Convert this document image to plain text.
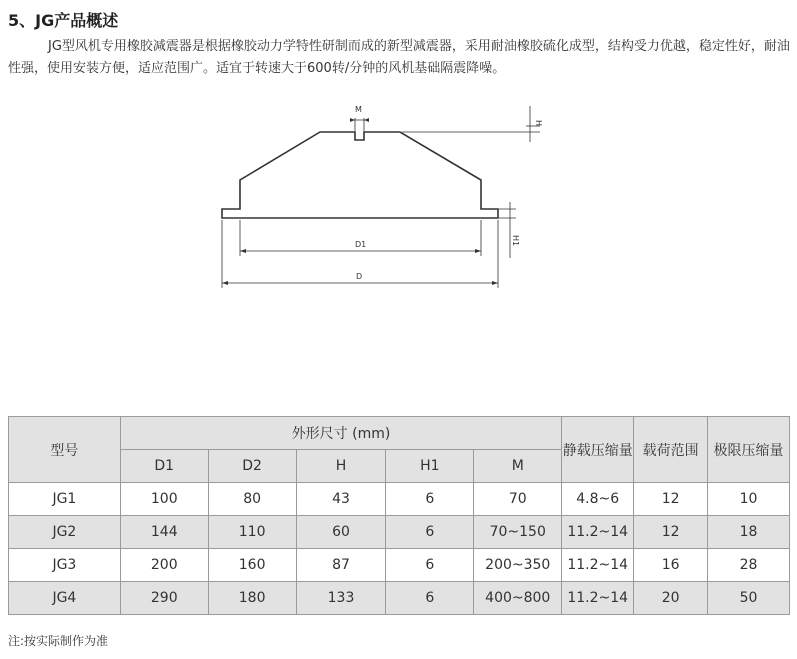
5、JG产品概述
JG型风机专用橡胶减震器是根据橡胶动力学特性研制而成的新型减震器，采用耐油橡胶硫化成型，结构受力优越，稳定性好，耐油性强，使用安装方便，适应范围广。适宜于转速大于600转/分钟的风机基础隔震降噪。
M
H
H1
D1
D
型号	外形尺寸 (mm)					静载压缩量	载荷范围	极限压缩量
	D1	D2	H	H1	M			
JG1	100	80	43	6	70	4.8~6	12	10
JG2	144	110	60	6	70~150	11.2~14	12	18
JG3	200	160	87	6	200~350	11.2~14	16	28
JG4	290	180	133	6	400~800	11.2~14	20	50
注:按实际制作为准
